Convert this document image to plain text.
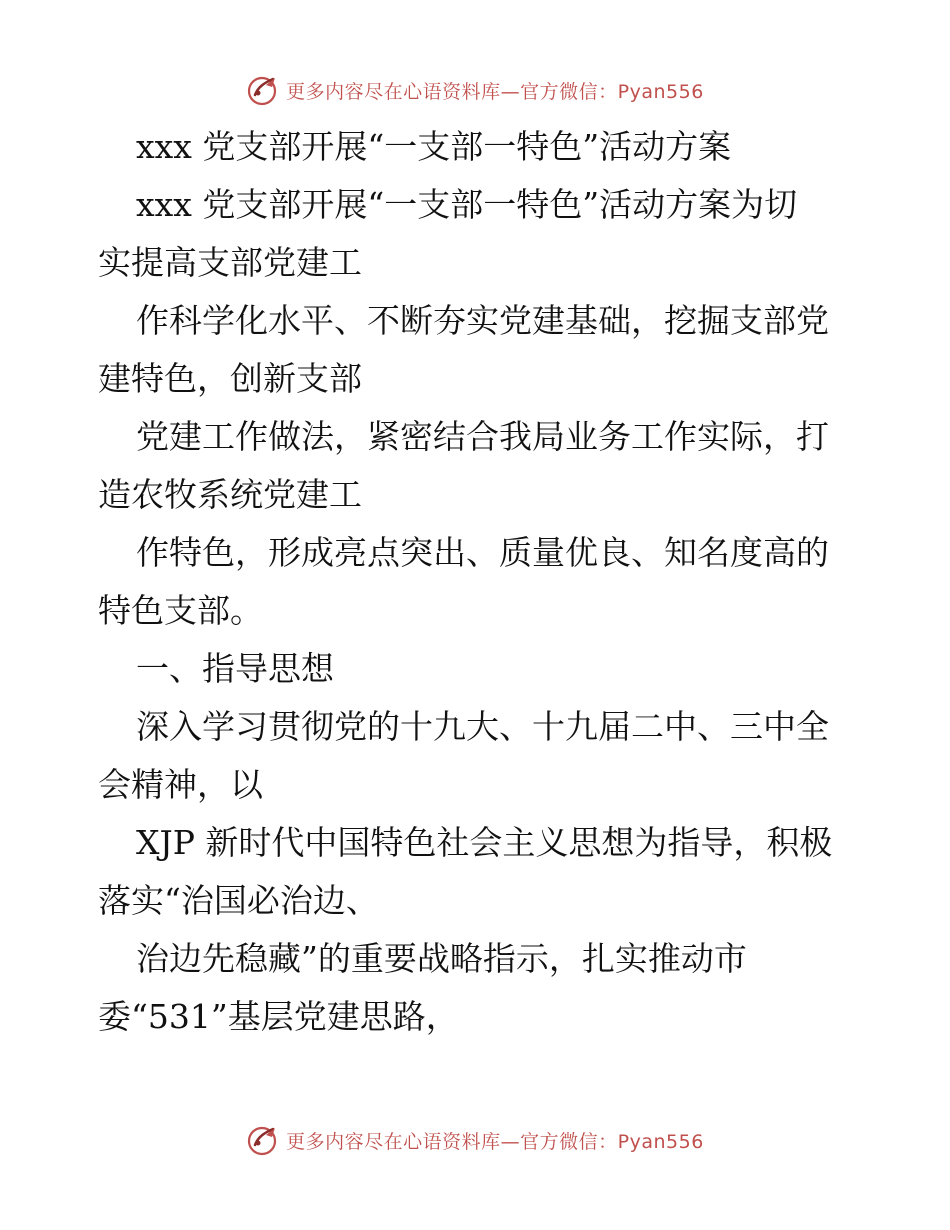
更多内容尽在心语资料库—官方微信：Pyan556
xxx 党支部开展“一支部一特色”活动方案
xxx 党支部开展“一支部一特色”活动方案为切
实提高支部党建工
作科学化水平、不断夯实党建基础，挖掘支部党
建特色，创新支部
党建工作做法，紧密结合我局业务工作实际，打
造农牧系统党建工
作特色，形成亮点突出、质量优良、知名度高的
特色支部。
一、指导思想
深入学习贯彻党的十九大、十九届二中、三中全
会精神，以
XJP 新时代中国特色社会主义思想为指导，积极
落实“治国必治边、
治边先稳藏”的重要战略指示，扎实推动市
委“531”基层党建思路，
更多内容尽在心语资料库—官方微信：Pyan556
